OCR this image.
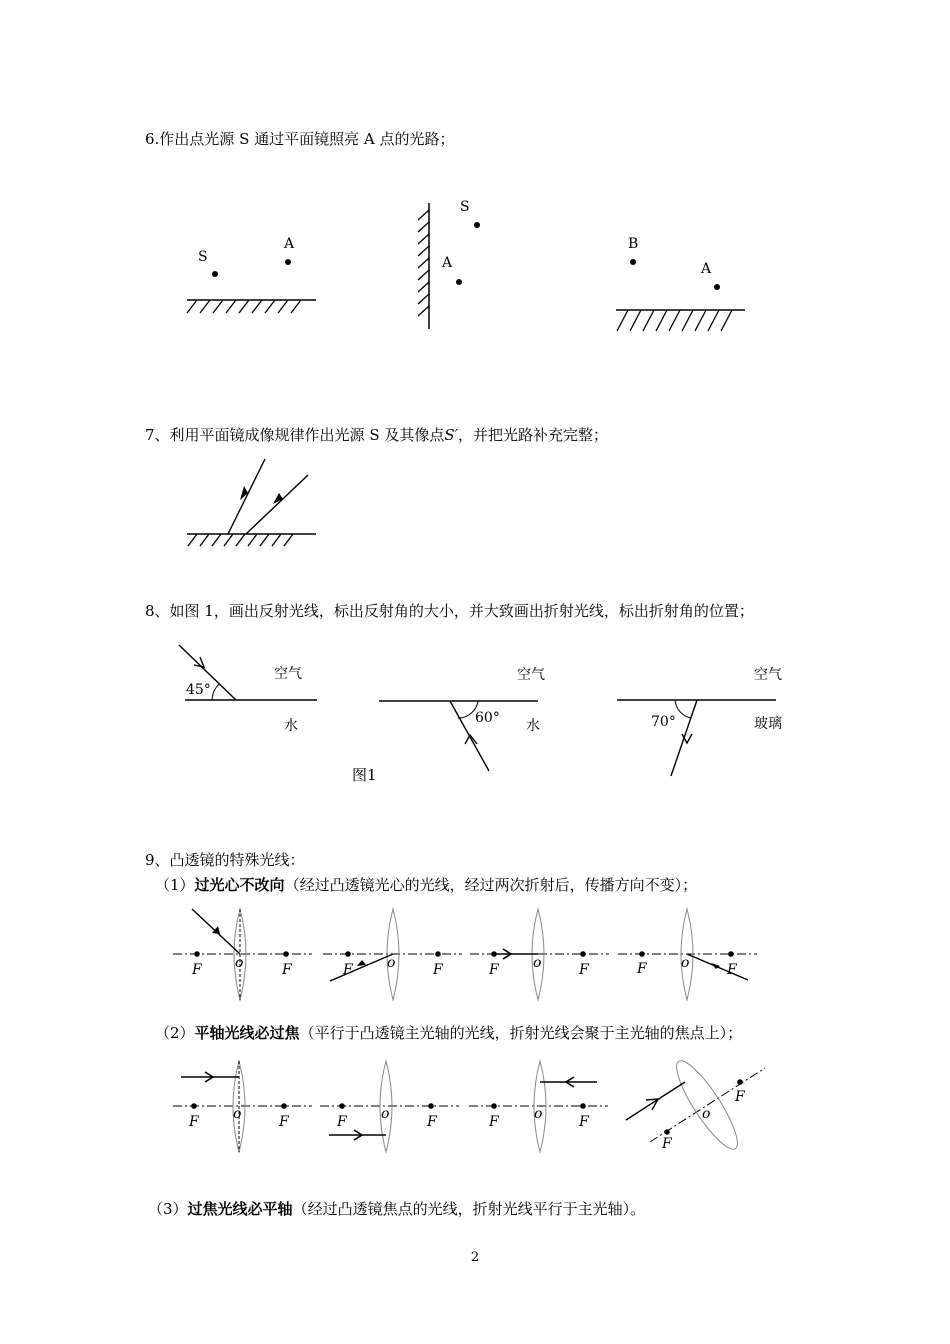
6.作出点光源 S 通过平面镜照亮 A 点的光路；
7、利用平面镜成像规律作出光源 S 及其像点S′，并把光路补充完整；
8、如图 1，画出反射光线，标出反射角的大小，并大致画出折射光线，标出折射角的位置；
9、凸透镜的特殊光线：
（1）过光心不改向（经过凸透镜光心的光线，经过两次折射后，传播方向不变）；
（2）平轴光线必过焦（平行于凸透镜主光轴的光线，折射光线会聚于主光轴的焦点上）；
（3）过焦光线必平轴（经过凸透镜焦点的光线，折射光线平行于主光轴）。
2
S
A
S
A
B
A
45°
空气
水	60°
空气
水	70°
空气
玻璃
图1
F o	F	F o	F	F o	F	F o	F
F o	F	F o	F	F	o	F
F
o
F
